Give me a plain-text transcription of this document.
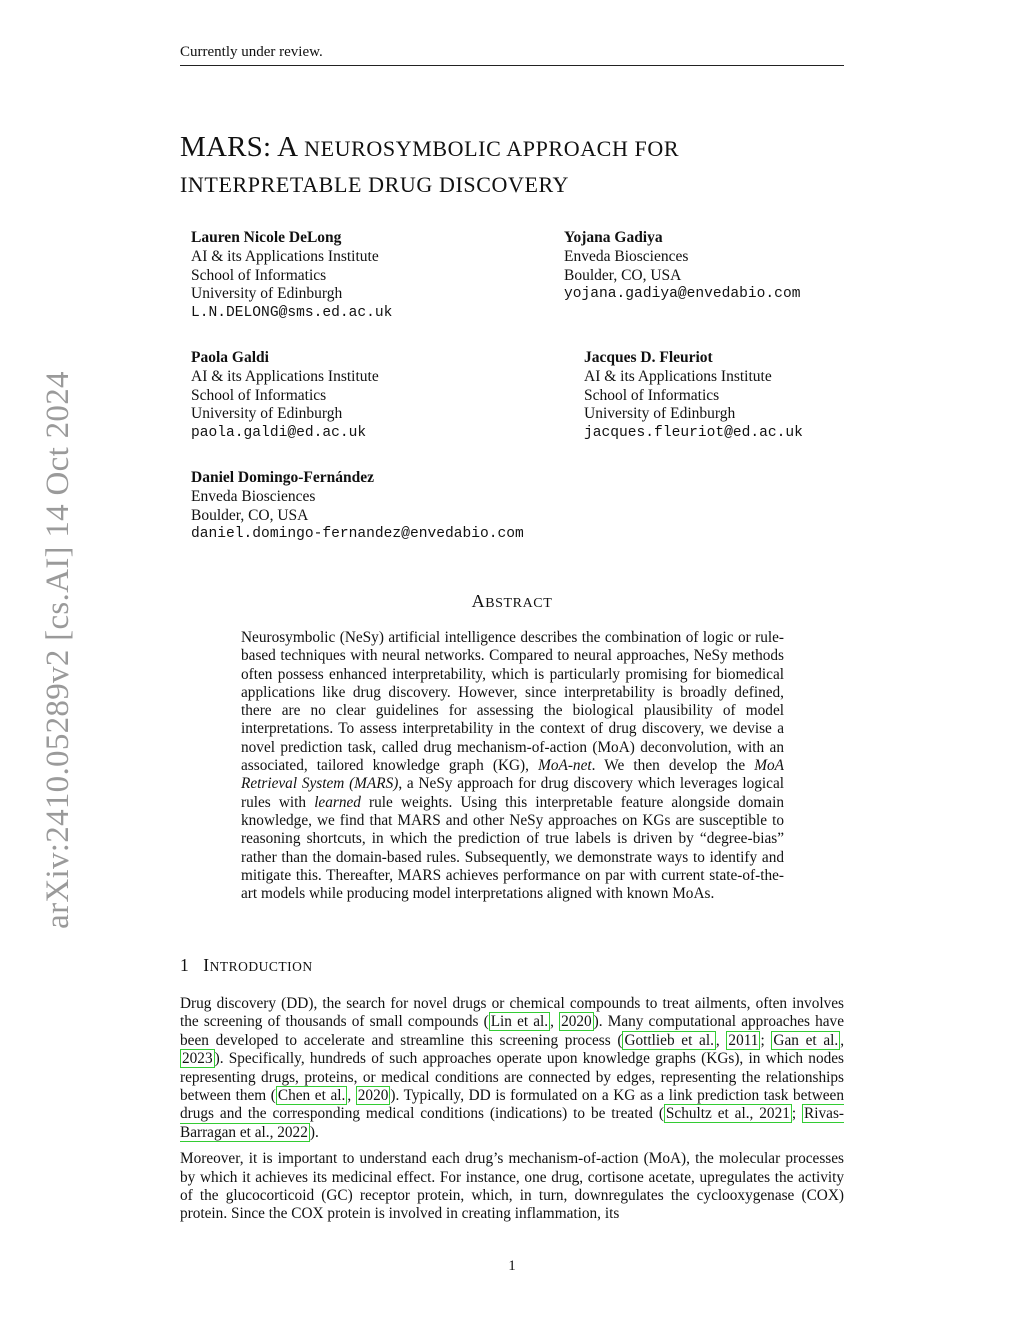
Currently under review.
arXiv:2410.05289v2 [cs.AI] 14 Oct 2024
MARS: A NEUROSYMBOLIC APPROACH FOR
INTERPRETABLE DRUG DISCOVERY
Lauren Nicole DeLong
AI & its Applications Institute
School of Informatics
University of Edinburgh
L.N.DELONG@sms.ed.ac.uk
Yojana Gadiya
Enveda Biosciences
Boulder, CO, USA
yojana.gadiya@envedabio.com
Paola Galdi
AI & its Applications Institute
School of Informatics
University of Edinburgh
paola.galdi@ed.ac.uk
Jacques D. Fleuriot
AI & its Applications Institute
School of Informatics
University of Edinburgh
jacques.fleuriot@ed.ac.uk
Daniel Domingo-Fernández
Enveda Biosciences
Boulder, CO, USA
daniel.domingo-fernandez@envedabio.com
ABSTRACT
Neurosymbolic (NeSy) artificial intelligence describes the combination of logic or rule-based techniques with neural networks. Compared to neural approaches, NeSy methods often possess enhanced interpretability, which is particularly promising for biomedical applications like drug discovery. However, since interpretability is broadly defined, there are no clear guidelines for assessing the biological plausibility of model interpretations. To assess interpretability in the context of drug discovery, we devise a novel prediction task, called drug mechanism-of-action (MoA) deconvolution, with an associated, tailored knowledge graph (KG), MoA-net. We then develop the MoA Retrieval System (MARS), a NeSy approach for drug discovery which leverages logical rules with learned rule weights. Using this interpretable feature alongside domain knowledge, we find that MARS and other NeSy approaches on KGs are susceptible to reasoning shortcuts, in which the prediction of true labels is driven by “degree-bias” rather than the domain-based rules. Subsequently, we demonstrate ways to identify and mitigate this. Thereafter, MARS achieves performance on par with current state-of-the-art models while producing model interpretations aligned with known MoAs.
1 INTRODUCTION

Drug discovery (DD), the search for novel drugs or chemical compounds to treat ailments, often involves the screening of thousands of small compounds ( Lin et al. , 2020 ). Many computational approaches have been developed to accelerate and streamline this screening process ( Gottlieb et al. , 2011 ; Gan et al. , 2023 ). Specifically, hundreds of such approaches operate upon knowledge graphs (KGs), in which nodes representing drugs, proteins, or medical conditions are connected by edges, representing the relationships between them ( Chen et al. , 2020 ). Typically, DD is formulated on a KG as a link prediction task between drugs and the corresponding medical conditions (indications) to be treated ( Schultz et al., 2021 ; Rivas-Barragan et al., 2022 ).

Moreover, it is important to understand each drug’s mechanism-of-action (MoA), the molecular processes by which it achieves its medicinal effect. For instance, one drug, cortisone acetate, upregulates the activity of the glucocorticoid (GC) receptor protein, which, in turn, downregulates the cyclooxygenase (COX) protein. Since the COX protein is involved in creating inflammation, its

1
